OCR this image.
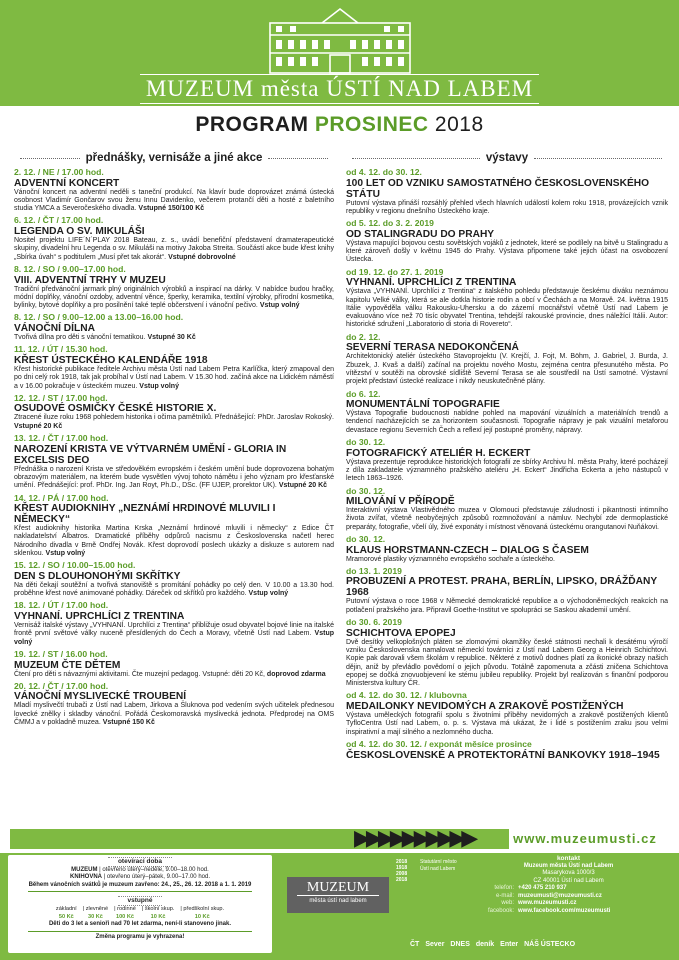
MUZEUM města ÚSTÍ NAD LABEM
PROGRAM PROSINEC 2018
přednášky, vernisáže a jiné akce
2. 12. / NE / 17.00 hod.
ADVENTNÍ KONCERT
Vánoční koncert na adventní neděli s taneční produkcí. Na klavír bude doprovázet známá ústecká osobnost Vladimír Gončarov svou ženu Innu Davidenko, večerem protančí děti a hosté z baletního studia YMCA a Severočeského divadla. Vstupné 150/100 Kč
6. 12. / ČT / 17.00 hod.
LEGENDA O SV. MIKULÁŠI
Nositel projektu LIFE´N´PLAY 2018 Bateau, z. s., uvádí benefiční představení dramaterapeutické skupiny, divadelní hru Legenda o sv. Mikuláši na motivy Jakoba Streita. Součástí akce bude křest knihy „Sbírka úvah“ s podtitulem „Musí přet tak akorát“. Vstupné dobrovolné
8. 12. / SO / 9.00–17.00 hod.
VIII. ADVENTNÍ TRHY V MUZEU
Tradiční předvánoční jarmark plný originálních výrobků a inspirací na dárky. V nabídce budou hračky, módní doplňky, vánoční ozdoby, adventní věnce, šperky, keramika, textilní výrobky, přírodní kosmetika, bylinky, bytové doplňky a pro posilnění také teplé občerstvení i vánoční pečivo. Vstup volný
8. 12. / SO / 9.00–12.00 a 13.00–16.00 hod.
VÁNOČNÍ DÍLNA
Tvořivá dílna pro děti s vánoční tematikou. Vstupné 30 Kč
11. 12. / ÚT / 15.30 hod.
KŘEST ÚSTECKÉHO KALENDÁŘE 1918
Křest historické publikace ředitele Archivu města Ústí nad Labem Petra Karlíčka, který zmapoval den po dni celý rok 1918, tak jak probíhal v Ústí nad Labem. V 15.30 hod. začíná akce na Lidickém náměstí a v 16.00 pokračuje v ústeckém muzeu. Vstup volný
12. 12. / ST / 17.00 hod.
OSUDOVÉ OSMIČKY ČESKÉ HISTORIE X.
Ztracené iluze roku 1968 pohledem historika i očima pamětníků. Přednášející: PhDr. Jaroslav Rokoský. Vstupné 20 Kč
13. 12. / ČT / 17.00 hod.
NAROZENÍ KRISTA VE VÝTVARNÉM UMĚNÍ - GLORIA IN EXCELSIS DEO
Přednáška o narození Krista ve středověkém evropském i českém umění bude doprovozena bohatým obrazovým materiálem, na kterém bude vysvětlen vývoj tohoto námětu i jeho význam pro křesťanské umění. Přednášející: prof. PhDr. Ing. Jan Royt, Ph.D., DSc. (FF UJEP, prorektor UK). Vstupné 20 Kč
14. 12. / PÁ / 17.00 hod.
KŘEST AUDIOKNIHY „NEZNÁMÍ HRDINOVÉ MLUVILI I NĚMECKY“
Křest audioknihy historika Martina Krska „Neznámí hrdinové mluvili i německy“ z Edice ČT nakladatelství Albatros. Dramatické příběhy odpůrců nacismu z Československa načetl herec Národního divadla v Brně Ondřej Novák. Křest doprovodí poslech ukázky a diskuze s autorem nad sklenkou. Vstup volný
15. 12. / SO / 10.00–15.00 hod.
DEN S DLOUHONOHÝMI SKŘÍTKY
Na děti čekají soutěžní a tvořivá stanoviště s promítání pohádky po celý den. V 10.00 a 13.30 hod. proběhne křest nové animované pohádky. Dáreček od skřítků pro každého. Vstup volný
18. 12. / ÚT / 17.00 hod.
VYHNANÍ. UPRCHLÍCI Z TRENTINA
Vernisáž italské výstavy „VYHNANÍ. Uprchlíci z Trentina“ přibližuje osud obyvatel bojové linie na italské frontě první světové války nuceně přesídlených do Čech a Moravy, včetně Ústí nad Labem. Vstup volný
19. 12. / ST / 16.00 hod.
MUZEUM ČTE DĚTEM
Čtení pro děti s návaznými aktivitami. Čte muzejní pedagog. Vstupné: děti 20 Kč, doprovod zdarma
20. 12. / ČT / 17.00 hod.
VÁNOČNÍ MYSLIVECKÉ TROUBENÍ
Mladí myslivečtí trubači z Ústí nad Labem, Jirkova a Šluknova pod vedením svých učitelek přednesou lovecké znělky i skladby vánoční. Pořádá Českomoravská myslivecká jednota. Předprodej na OMS ČMMJ a v pokladně muzea. Vstupné 150 Kč
výstavy
od 4. 12. do 30. 12.
100 LET OD VZNIKU SAMOSTATNÉHO ČESKOSLOVENSKÉHO STÁTU
Putovní výstava přináší rozsáhlý přehled všech hlavních událostí kolem roku 1918, provázejících vznik republiky v regionu dnešního Ústeckého kraje.
od 5. 12. do 3. 2. 2019
OD STALINGRADU DO PRAHY
Výstava mapující bojovou cestu sovětských vojáků z jednotek, které se podílely na bitvě u Stalingradu a které zároveň došly v květnu 1945 do Prahy. Výstava připomene také jejich účast na osvobození Ústecka.
od 19. 12. do 27. 1. 2019
VYHNANÍ. UPRCHLÍCI Z TRENTINA
Výstava „VYHNANÍ. Uprchlíci z Trentina“ z italského pohledu představuje českému diváku neznámou kapitolu Velké války, která se ale dotkla historie rodin a obcí v Čechách a na Moravě. 24. května 1915 Itálie vypověděla válku Rakousku-Uhersku a do zázemí mocnářství včetně Ústí nad Labem je evakuováno více než 70 tisíc obyvatel Trentina, tehdejší rakouské provincie, dnes náležící Itálii. Autor: historické sdružení „Laboratorio di storia di Rovereto“.
do 2. 12.
SEVERNÍ TERASA NEDOKONČENÁ
Architektonický ateliér ústeckého Stavoprojektu (V. Krejčí, J. Fojt, M. Böhm, J. Gabriel, J. Burda, J. Zbuzek, J. Kvaš a další) začínal na projektu nového Mostu, zejména centra přesunutého města. Po vítězství v soutěži na obrovské sídliště Severní Terasa se ale soustředil na Ústí samotné. Výstavní projekt představí ústecké realizace i nikdy neuskutečněné plány.
do 6. 12.
MONUMENTÁLNÍ TOPOGRAFIE
Výstava Topografie budoucnosti nabídne pohled na mapování vizuálních a materiálních trendů a tendencí nacházejících se za horizontem současnosti. Topografie nápravy je pak vizuální metaforou devastace regionu Severních Čech a reflexí její postupné proměny, nápravy.
do 30. 12.
FOTOGRAFICKÝ ATELIÉR H. ECKERT
Výstava prezentuje reprodukce historických fotografií ze sbírky Archivu hl. města Prahy, které pocházejí z díla zakladatele významného pražského ateliéru „H. Eckert“ Jindřicha Eckerta a jeho nástupců v letech 1863–1926.
do 30. 12.
MILOVÁNÍ V PŘÍRODĚ
Interaktivní výstava Vlastivědného muzea v Olomouci představuje záludnosti i pikantnosti intimního života zvířat, včetně neobyčejných způsobů rozmnožování a námluv. Nechybí zde dermoplastické preparáty, fotografie, včelí úly, živé exponáty i místnost věnovaná ústeckému orangutanovi Nuňákovi.
do 30. 12.
KLAUS HORSTMANN-CZECH – DIALOG S ČASEM
Mramorové plastiky významného evropského sochaře a ústeckého.
do 13. 1. 2019
PROBUZENÍ A PROTEST. PRAHA, BERLÍN, LIPSKO, DRÁŽĎANY 1968
Putovní výstava o roce 1968 v Německé demokratické republice a o východoněmeckých reakcích na potlačení pražského jara. Připravil Goethe-Institut ve spolupráci se Saskou akademií umění.
do 30. 6. 2019
SCHICHTOVA EPOPEJ
Dvě desítky velkoplošných pláten se zlomovými okamžiky české státnosti nechali k desátému výročí vzniku Československa namalovat německí továrníci z Ústí nad Labem Georg a Heinrich Schichtovi. Kopie pak darovali všem školám v republice. Některé z motivů dodnes platí za ikonické obrazy našich dějin, aniž by převládlo povědomí o jejich původu. Totálně zapomenuta a zčásti zničena Schichtova epopej se dočká znovuobjevení ke stému jubileu republiky. Projekt byl realizován s finanční podporou Ministerstva kultury ČR.
od 4. 12. do 30. 12. / klubovna
MEDAILONKY NEVIDOMÝCH A ZRAKOVĚ POSTIŽENÝCH
Výstava uměleckých fotografií spolu s životními příběhy nevidomých a zrakově postižených klientů TyfloCentra Ústí nad Labem, o. p. s. Výstava má ukázat, že i lidé s postižením zraku jsou velmi inspirativní a mají silného a nezlomného ducha.
od 4. 12. do 30. 12. / exponát měsíce prosince
ČESKOSLOVENSKÉ A PROTEKTORÁTNÍ BANKOVKY 1918–1945
▶▶▶▶▶▶▶▶▶▶	www.muzeumusti.cz
otevírací doba
MUZEUM | otevřeno úterý–neděle, 9.00–18.00 hod.
KNIHOVNA | otevřeno úterý–pátek, 9.00–17.00 hod.
Během vánočních svátků je muzeum zavřeno: 24., 25., 26. 12. 2018 a 1. 1. 2019
vstupné
základní	| zlevněné	| rodinné	| školní skup.	| předškolní skup.
50 Kč	30 Kč	100 Kč	10 Kč	10 Kč
Děti do 3 let a senioři nad 70 let zdarma, není-li stanoveno jinak.
Změna programu je vyhrazena!
MUZEUM
města ústí nad labem
2018
1918
2008
2018
Statutární město
Ústí nad Labem
kontakt
Muzeum města Ústí nad Labem
Masarykova 1000/3
CZ 40001 Ústí nad Labem
telefon: +420 475 210 937
e-mail: muzeumusti@muzeumusti.cz
web: www.muzeumusti.cz
facebook: www.facebook.com/muzeumusti
ČT Sever DNES deník Enter NÁŠ ÚSTECKO
